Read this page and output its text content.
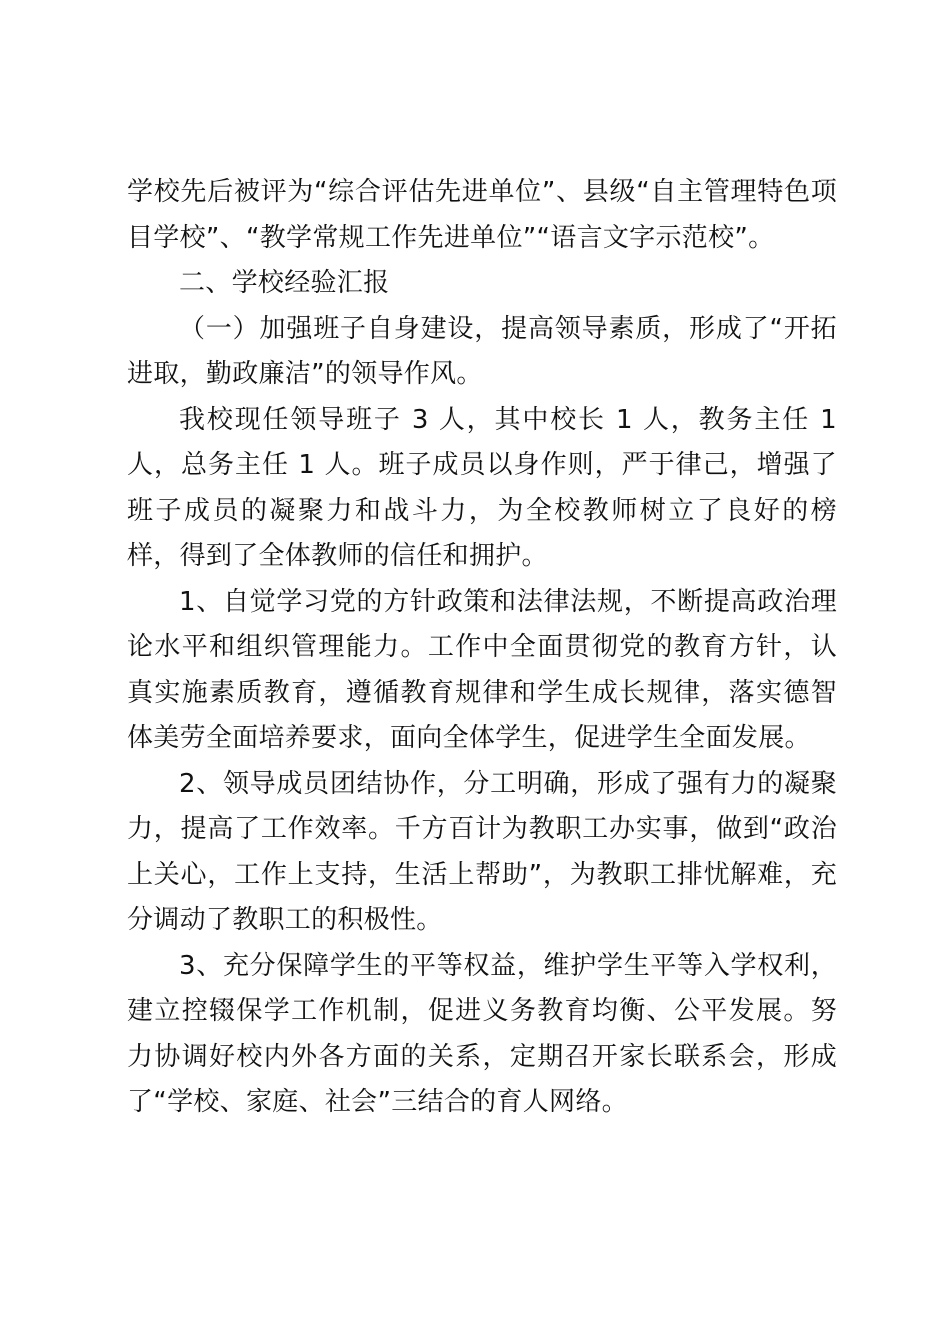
学校先后被评为“综合评估先进单位”、县级“自主管理特色项目学校”、“教学常规工作先进单位”“语言文字示范校”。

二、学校经验汇报

（一）加强班子自身建设，提高领导素质，形成了“开拓进取，勤政廉洁”的领导作风。

我校现任领导班子 3 人，其中校长 1 人，教务主任 1 人，总务主任 1 人。班子成员以身作则，严于律己，增强了班子成员的凝聚力和战斗力，为全校教师树立了良好的榜样，得到了全体教师的信任和拥护。

1、自觉学习党的方针政策和法律法规，不断提高政治理论水平和组织管理能力。工作中全面贯彻党的教育方针，认真实施素质教育，遵循教育规律和学生成长规律，落实德智体美劳全面培养要求，面向全体学生，促进学生全面发展。

2、领导成员团结协作，分工明确，形成了强有力的凝聚力，提高了工作效率。千方百计为教职工办实事，做到“政治上关心，工作上支持，生活上帮助”，为教职工排忧解难，充分调动了教职工的积极性。

3、充分保障学生的平等权益，维护学生平等入学权利，建立控辍保学工作机制，促进义务教育均衡、公平发展。努力协调好校内外各方面的关系，定期召开家长联系会，形成了“学校、家庭、社会”三结合的育人网络。
